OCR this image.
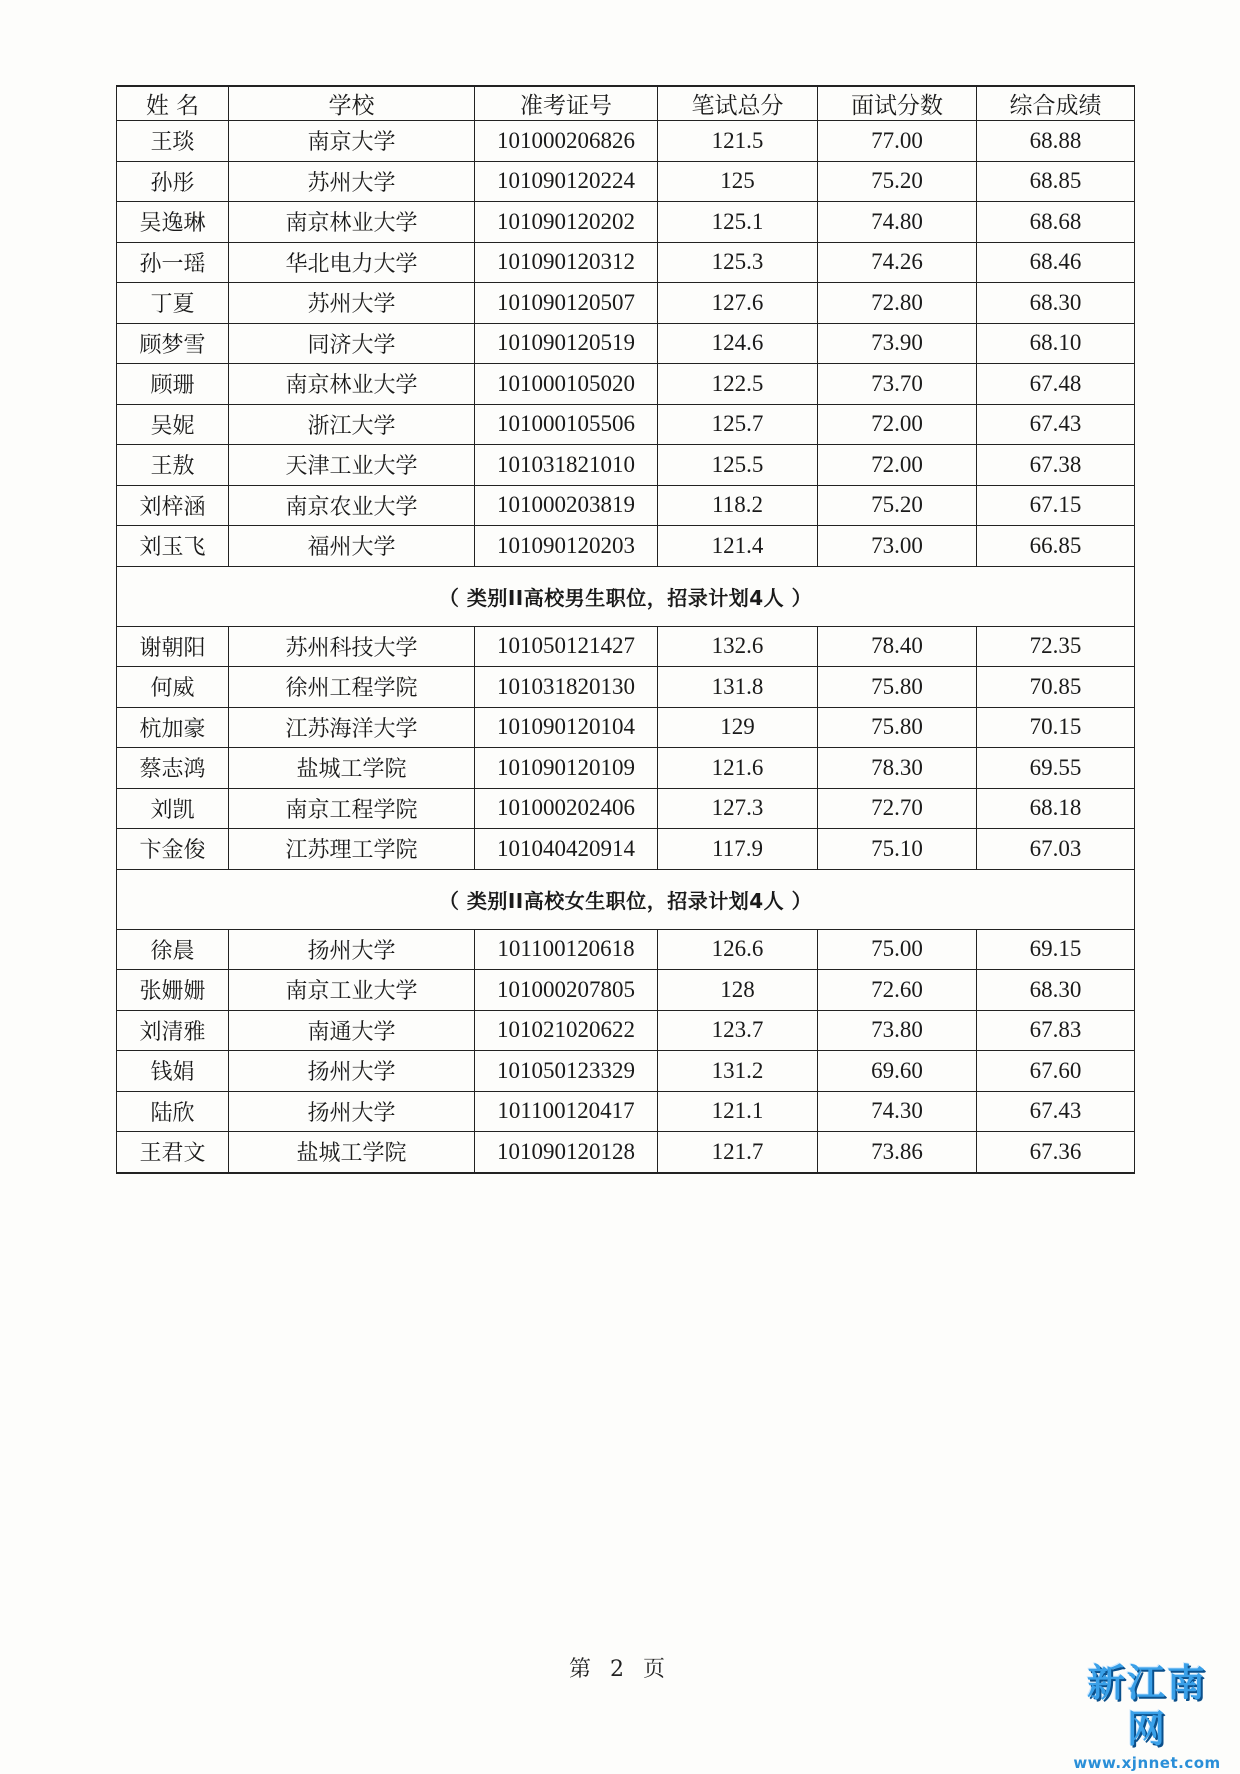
姓 名	学校	准考证号	笔试总分	面试分数	综合成绩
王琰	南京大学	101000206826	121.5	77.00	68.88
孙彤	苏州大学	101090120224	125	75.20	68.85
吴逸琳	南京林业大学	101090120202	125.1	74.80	68.68
孙一瑶	华北电力大学	101090120312	125.3	74.26	68.46
丁夏	苏州大学	101090120507	127.6	72.80	68.30
顾梦雪	同济大学	101090120519	124.6	73.90	68.10
顾珊	南京林业大学	101000105020	122.5	73.70	67.48
吴妮	浙江大学	101000105506	125.7	72.00	67.43
王敖	天津工业大学	101031821010	125.5	72.00	67.38
刘梓涵	南京农业大学	101000203819	118.2	75.20	67.15
刘玉飞	福州大学	101090120203	121.4	73.00	66.85
（ 类别II高校男生职位，招录计划4人 ）					
谢朝阳	苏州科技大学	101050121427	132.6	78.40	72.35
何威	徐州工程学院	101031820130	131.8	75.80	70.85
杭加豪	江苏海洋大学	101090120104	129	75.80	70.15
蔡志鸿	盐城工学院	101090120109	121.6	78.30	69.55
刘凯	南京工程学院	101000202406	127.3	72.70	68.18
卞金俊	江苏理工学院	101040420914	117.9	75.10	67.03
（ 类别II高校女生职位，招录计划4人 ）					
徐晨	扬州大学	101100120618	126.6	75.00	69.15
张姗姗	南京工业大学	101000207805	128	72.60	68.30
刘清雅	南通大学	101021020622	123.7	73.80	67.83
钱娟	扬州大学	101050123329	131.2	69.60	67.60
陆欣	扬州大学	101100120417	121.1	74.30	67.43
王君文	盐城工学院	101090120128	121.7	73.86	67.36
第 2 页	新江南网
www.xjnnet.com
